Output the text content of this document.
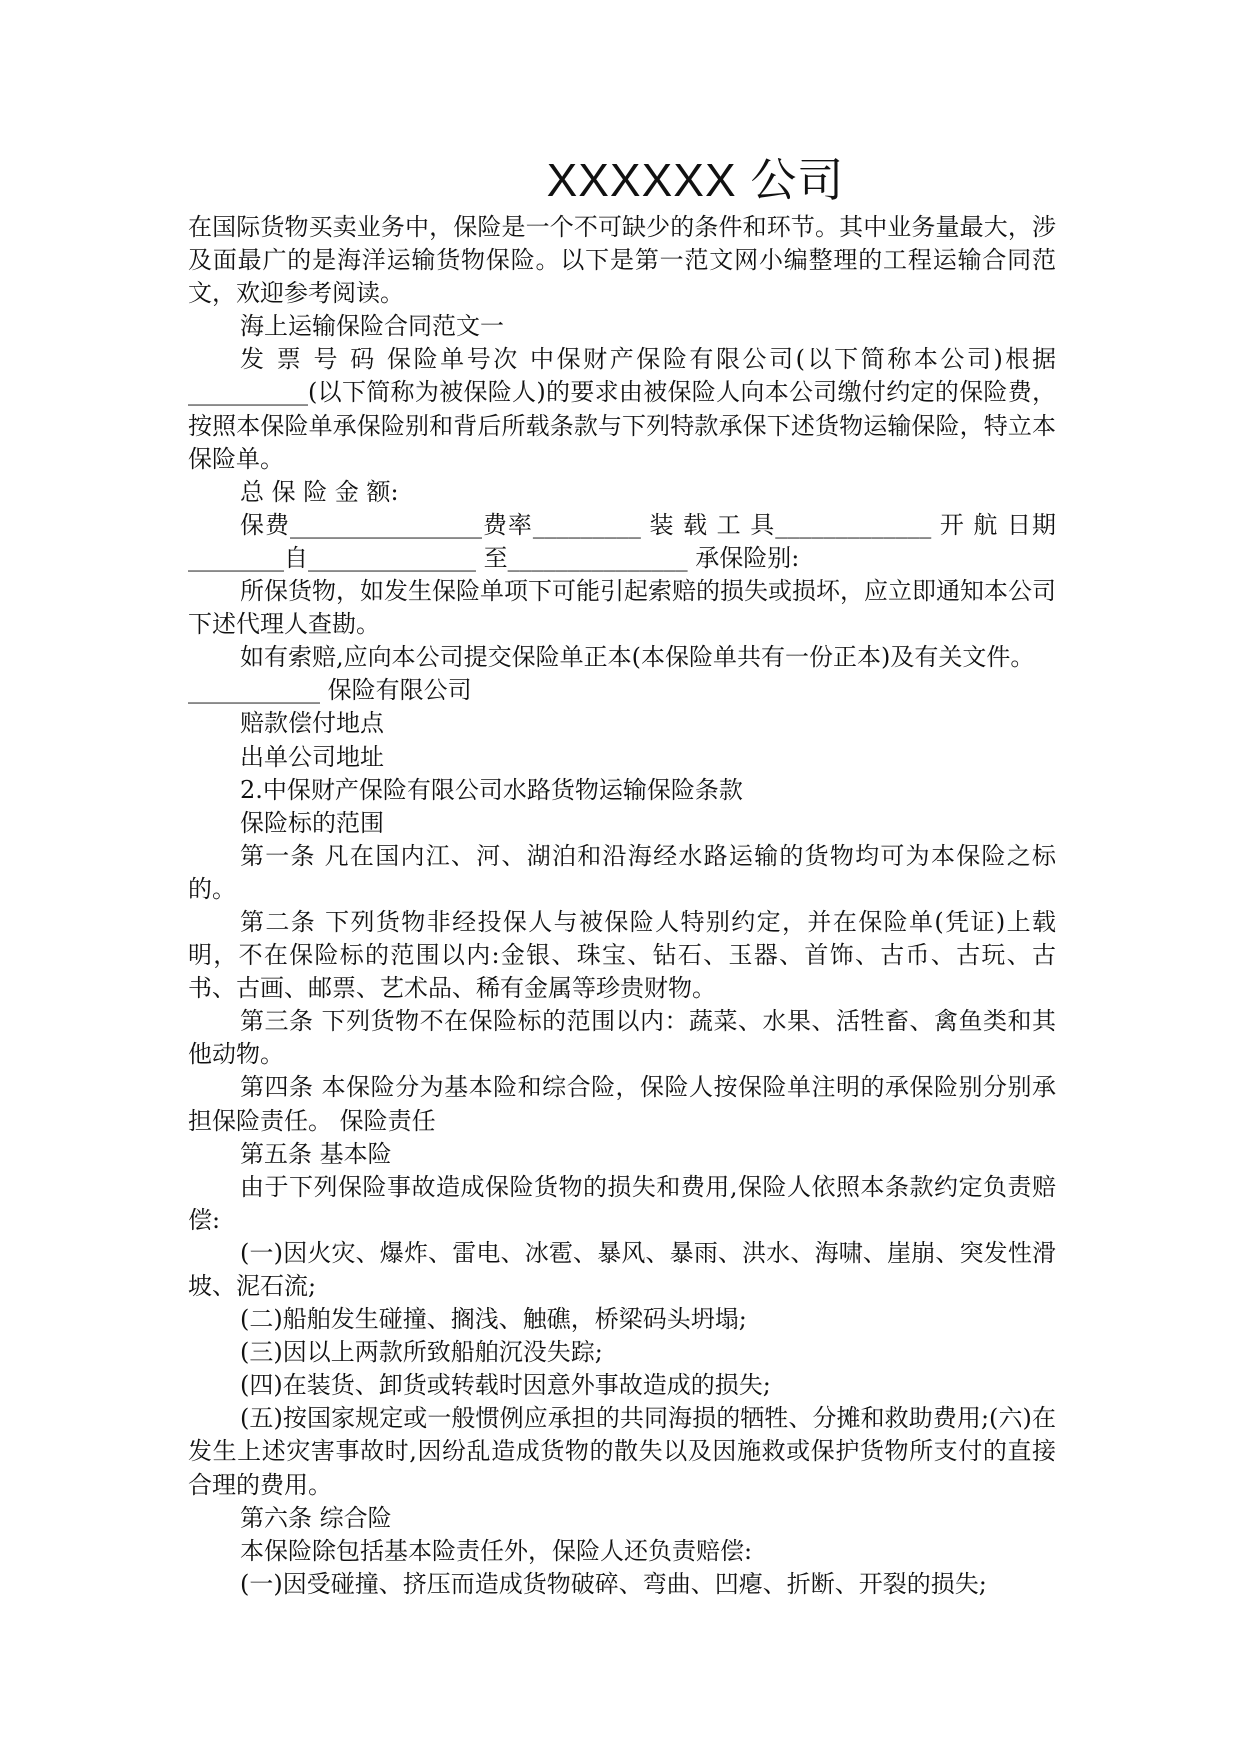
XXXXXX 公司

在国际货物买卖业务中，保险是一个不可缺少的条件和环节。其中业务量最大，涉及面最广的是海洋运输货物保险。以下是第一范文网小编整理的工程运输合同范文，欢迎参考阅读。

海上运输保险合同范文一

发 票 号 码 保险单号次 中保财产保险有限公司(以下简称本公司)根据__________(以下简称为被保险人)的要求由被保险人向本公司缴付约定的保险费，按照本保险单承保险别和背后所载条款与下列特款承保下述货物运输保险，特立本保险单。

总 保 险 金 额:

保费________________费率_________ 装 载 工 具_____________ 开 航 日期________自______________ 至_______________ 承保险别:

所保货物，如发生保险单项下可能引起索赔的损失或损坏，应立即通知本公司下述代理人查勘。

如有索赔,应向本公司提交保险单正本(本保险单共有一份正本)及有关文件。

___________ 保险有限公司

赔款偿付地点

出单公司地址

2.中保财产保险有限公司水路货物运输保险条款

保险标的范围

第一条 凡在国内江、河、湖泊和沿海经水路运输的货物均可为本保险之标的。

第二条 下列货物非经投保人与被保险人特别约定，并在保险单(凭证)上载明，不在保险标的范围以内:金银、珠宝、钻石、玉器、首饰、古币、古玩、古书、古画、邮票、艺术品、稀有金属等珍贵财物。

第三条 下列货物不在保险标的范围以内：蔬菜、水果、活牲畜、禽鱼类和其他动物。

第四条 本保险分为基本险和综合险，保险人按保险单注明的承保险别分别承担保险责任。 保险责任

第五条 基本险

由于下列保险事故造成保险货物的损失和费用,保险人依照本条款约定负责赔偿:

(一)因火灾、爆炸、雷电、冰雹、暴风、暴雨、洪水、海啸、崖崩、突发性滑坡、泥石流;

(二)船舶发生碰撞、搁浅、触礁，桥梁码头坍塌;

(三)因以上两款所致船舶沉没失踪;

(四)在装货、卸货或转载时因意外事故造成的损失;

(五)按国家规定或一般惯例应承担的共同海损的牺牲、分摊和救助费用;(六)在发生上述灾害事故时,因纷乱造成货物的散失以及因施救或保护货物所支付的直接合理的费用。

第六条 综合险

本保险除包括基本险责任外，保险人还负责赔偿:

(一)因受碰撞、挤压而造成货物破碎、弯曲、凹瘪、折断、开裂的损失;
